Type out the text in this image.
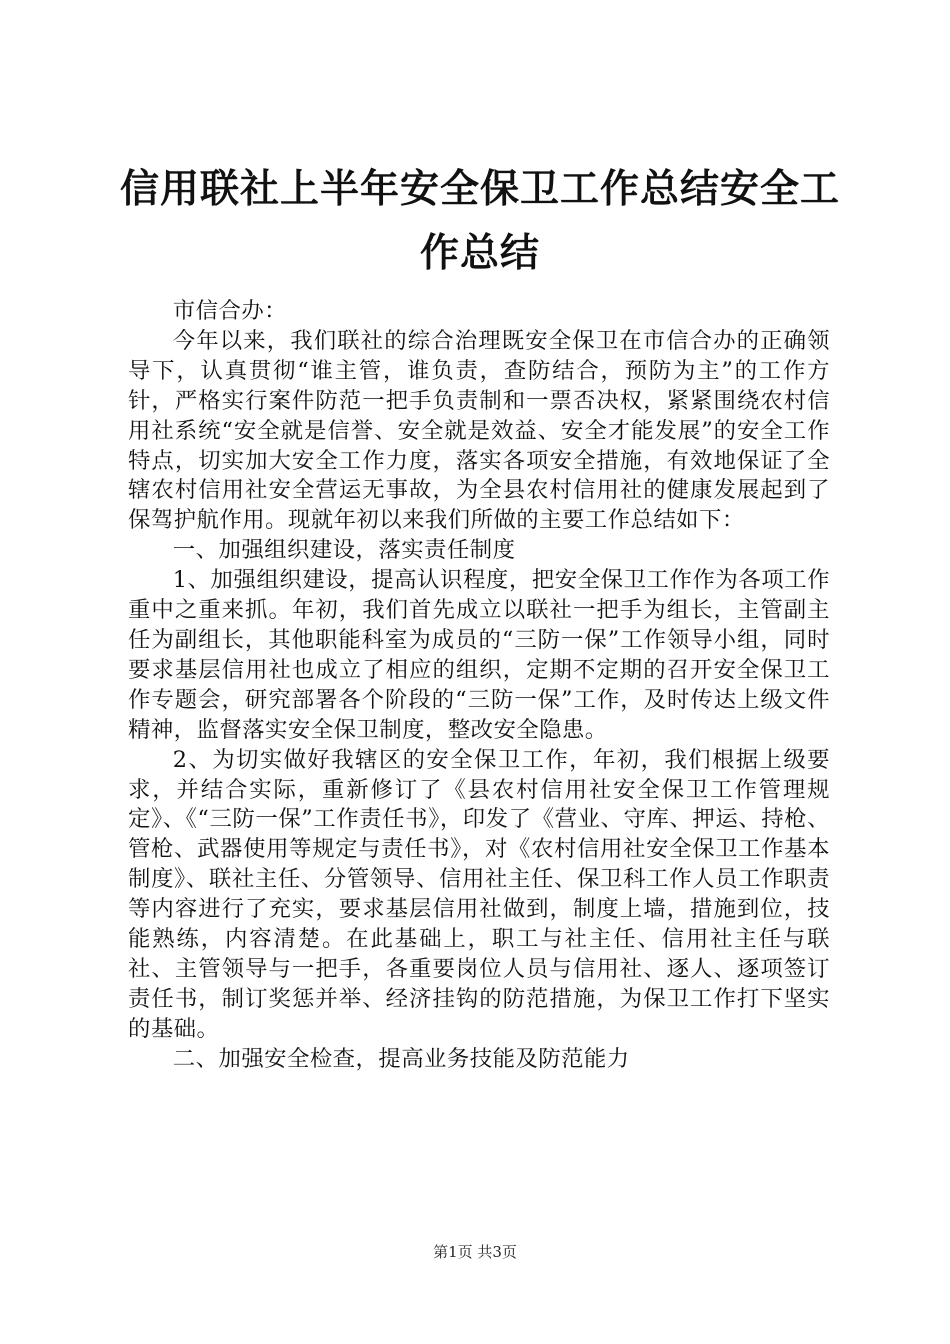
信用联社上半年安全保卫工作总结安全工作总结

市信合办：

今年以来，我们联社的综合治理既安全保卫在市信合办的正确领导下，认真贯彻“谁主管，谁负责，查防结合，预防为主”的工作方针，严格实行案件防范一把手负责制和一票否决权，紧紧围绕农村信用社系统“安全就是信誉、安全就是效益、安全才能发展”的安全工作特点，切实加大安全工作力度，落实各项安全措施，有效地保证了全辖农村信用社安全营运无事故，为全县农村信用社的健康发展起到了保驾护航作用。现就年初以来我们所做的主要工作总结如下：

一、加强组织建设，落实责任制度

1、加强组织建设，提高认识程度，把安全保卫工作作为各项工作重中之重来抓。年初，我们首先成立以联社一把手为组长，主管副主任为副组长，其他职能科室为成员的“三防一保”工作领导小组，同时要求基层信用社也成立了相应的组织，定期不定期的召开安全保卫工作专题会，研究部署各个阶段的“三防一保”工作，及时传达上级文件精神，监督落实安全保卫制度，整改安全隐患。

2、为切实做好我辖区的安全保卫工作，年初，我们根据上级要求，并结合实际，重新修订了《县农村信用社安全保卫工作管理规定》、《“三防一保”工作责任书》，印发了《营业、守库、押运、持枪、管枪、武器使用等规定与责任书》，对《农村信用社安全保卫工作基本制度》、联社主任、分管领导、信用社主任、保卫科工作人员工作职责等内容进行了充实，要求基层信用社做到，制度上墙，措施到位，技能熟练，内容清楚。在此基础上，职工与社主任、信用社主任与联社、主管领导与一把手，各重要岗位人员与信用社、逐人、逐项签订责任书，制订奖惩并举、经济挂钩的防范措施，为保卫工作打下坚实的基础。

二、加强安全检查，提高业务技能及防范能力

第1页 共3页
